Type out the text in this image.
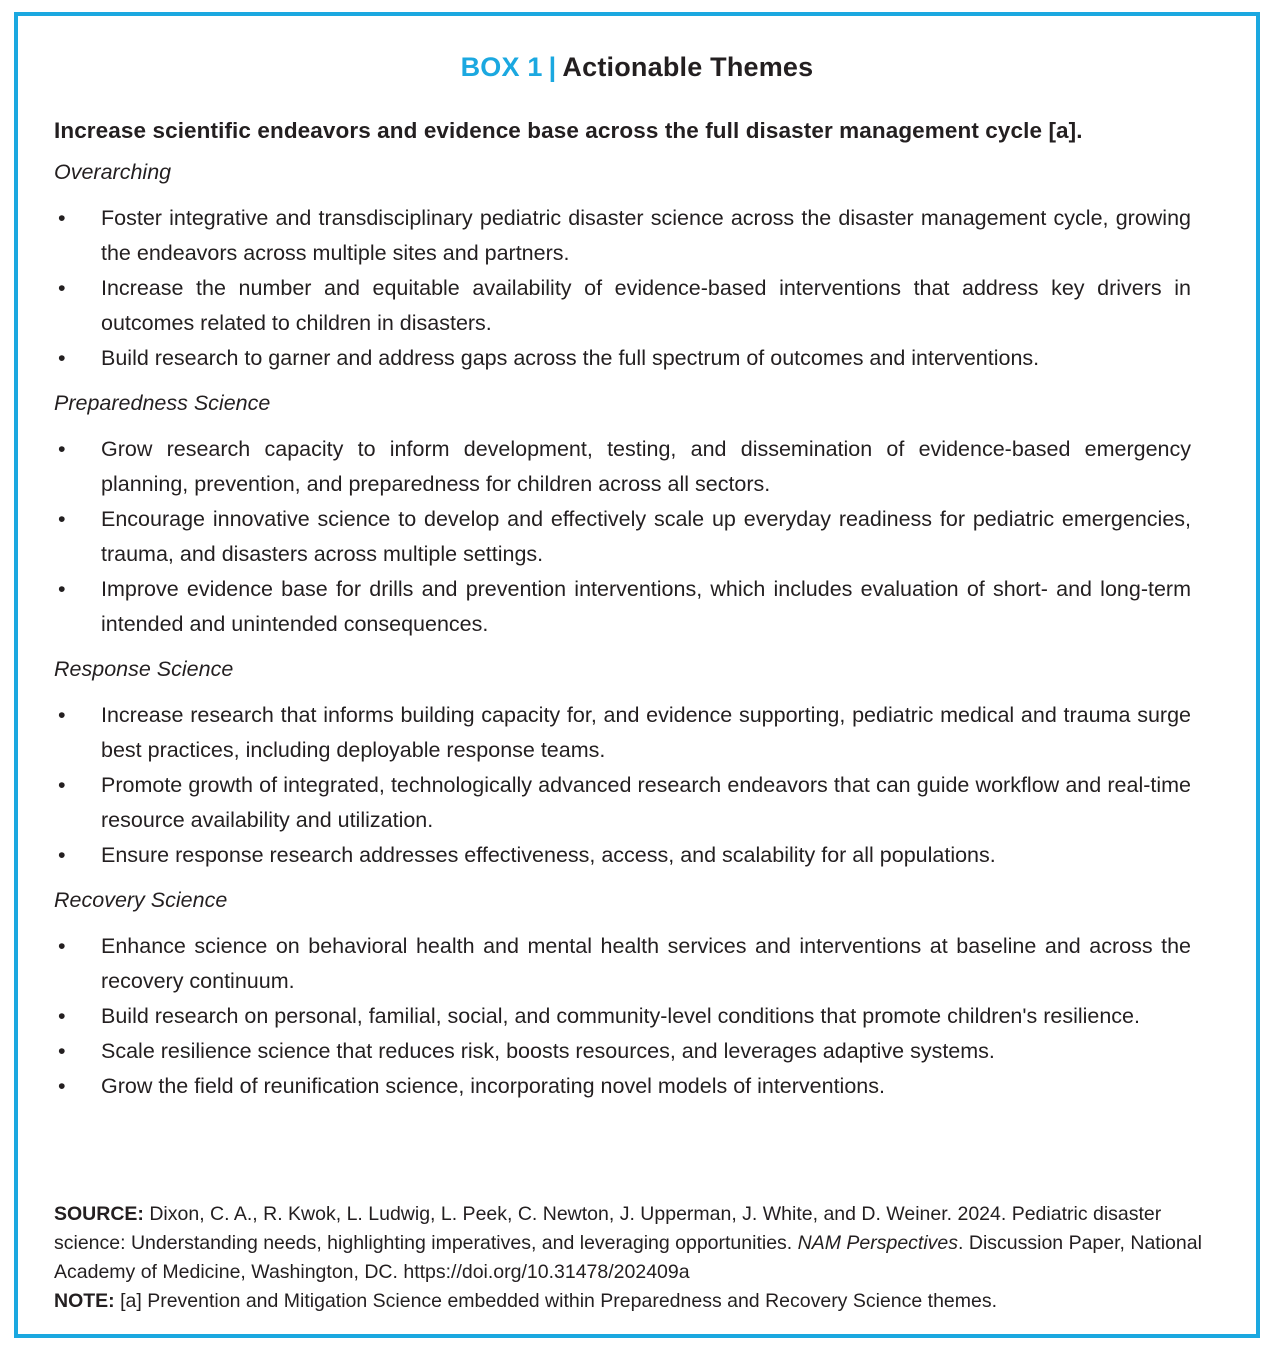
BOX 1 | Actionable Themes

Increase scientific endeavors and evidence base across the full disaster management cycle [a].

Overarching

• Foster integrative and transdisciplinary pediatric disaster science across the disaster management cycle, growing the endeavors across multiple sites and partners.
• Increase the number and equitable availability of evidence-based interventions that address key drivers in outcomes related to children in disasters.
• Build research to garner and address gaps across the full spectrum of outcomes and interventions.

Preparedness Science

• Grow research capacity to inform development, testing, and dissemination of evidence-based emergency planning, prevention, and preparedness for children across all sectors.
• Encourage innovative science to develop and effectively scale up everyday readiness for pediatric emergencies, trauma, and disasters across multiple settings.
• Improve evidence base for drills and prevention interventions, which includes evaluation of short- and long-term intended and unintended consequences.

Response Science

• Increase research that informs building capacity for, and evidence supporting, pediatric medical and trauma surge best practices, including deployable response teams.
• Promote growth of integrated, technologically advanced research endeavors that can guide workflow and real-time resource availability and utilization.
• Ensure response research addresses effectiveness, access, and scalability for all populations.

Recovery Science

• Enhance science on behavioral health and mental health services and interventions at baseline and across the recovery continuum.
• Build research on personal, familial, social, and community-level conditions that promote children's resilience.
• Scale resilience science that reduces risk, boosts resources, and leverages adaptive systems.
• Grow the field of reunification science, incorporating novel models of interventions.
SOURCE: Dixon, C. A., R. Kwok, L. Ludwig, L. Peek, C. Newton, J. Upperman, J. White, and D. Weiner. 2024. Pediatric disaster science: Understanding needs, highlighting imperatives, and leveraging opportunities. NAM Perspectives. Discussion Paper, National Academy of Medicine, Washington, DC. https://doi.org/10.31478/202409a
NOTE: [a] Prevention and Mitigation Science embedded within Preparedness and Recovery Science themes.
